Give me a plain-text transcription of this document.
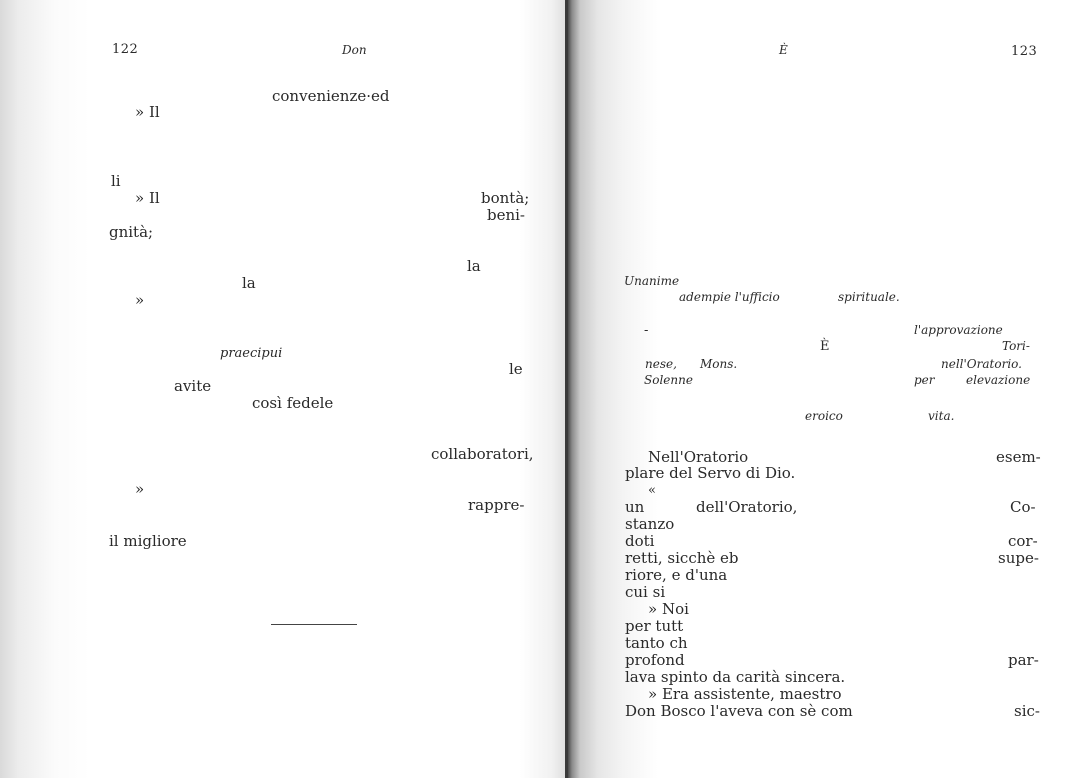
122	Don
convenienze·ed
» Il
li
» Il	bontà;
beni-
gnità;
la
la
»
praecipui
le
avite
così fedele
collaboratori,
»
rappre-
il migliore
È	123
Unanime
adempie l'ufficio	spirituale.
-	l'approvazione
È	Tori-
nese, Mons.	nell'Oratorio.
Solenne	per	elevazione
eroico	vita.
Nell'Oratorio	esem-
plare del Servo di Dio.
«
un	dell'Oratorio,	Co-
stanzo
doti	cor-
retti, sicchè eb	supe-
riore, e d'una
cui si
» Noi
per tutt
tanto ch
profond	par-
lava spinto da carità sincera.
» Era assistente, maestro
Don Bosco l'aveva con sè com	sic-
